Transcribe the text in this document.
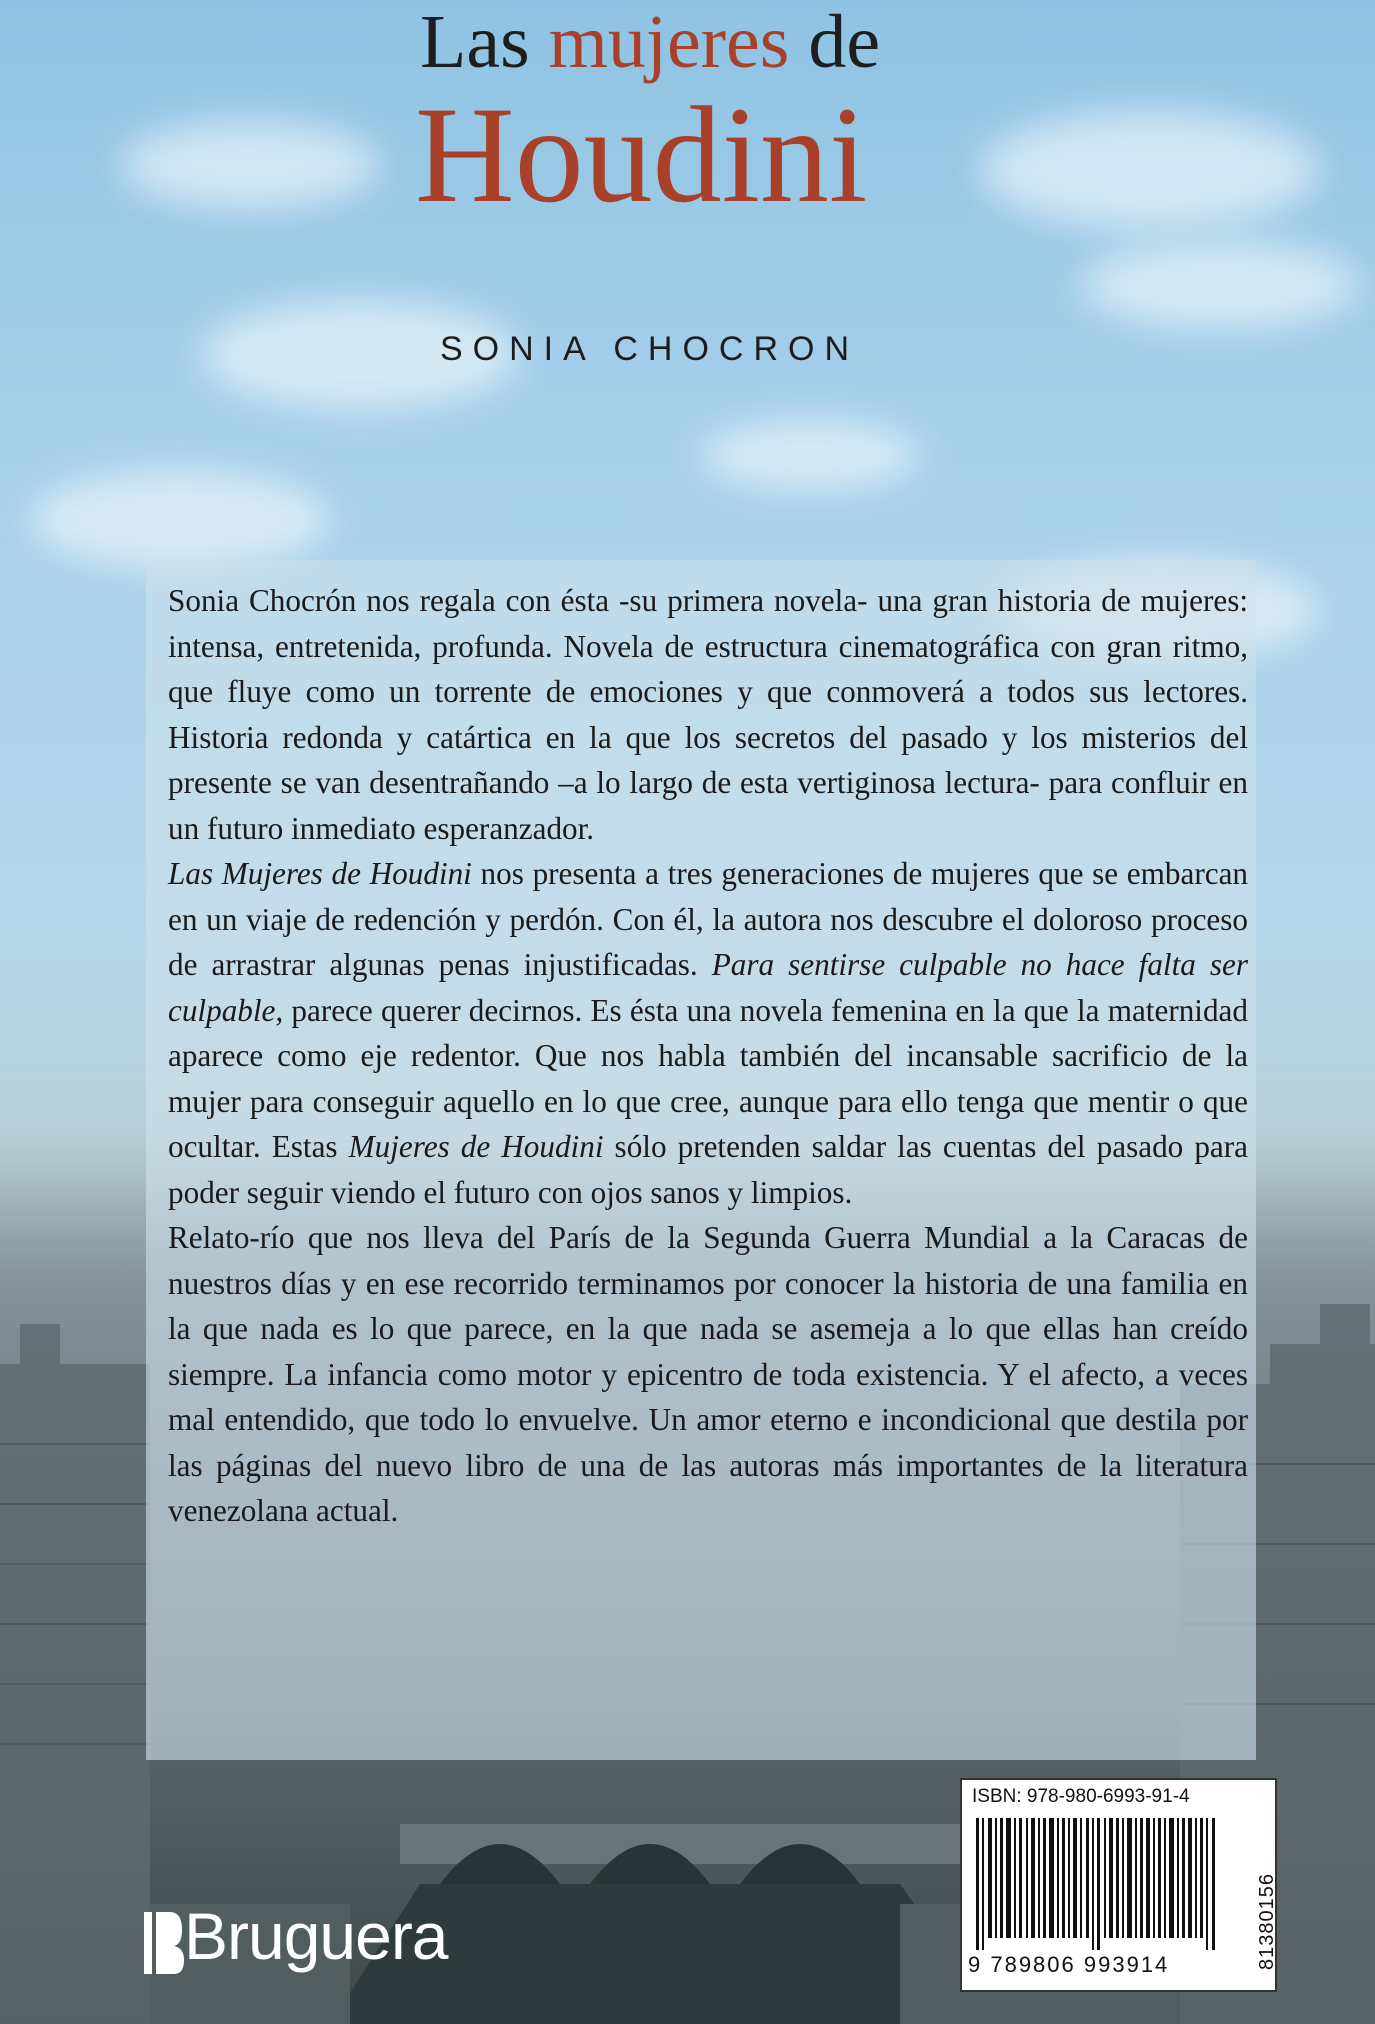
Las mujeres de
Houdini
SONIA CHOCRON

Sonia Chocrón nos regala con ésta -su primera novela- una gran historia de mujeres: intensa, entretenida, profunda. Novela de estructura cinematográfica con gran ritmo, que fluye como un torrente de emociones y que conmoverá a todos sus lectores. Historia redonda y catártica en la que los secretos del pasado y los misterios del presente se van desentrañando –a lo largo de esta vertiginosa lectura- para confluir en un futuro inmediato esperanzador.

Las Mujeres de Houdini nos presenta a tres generaciones de mujeres que se embarcan en un viaje de redención y perdón. Con él, la autora nos descubre el doloroso proceso de arrastrar algunas penas injustificadas. Para sentirse culpable no hace falta ser culpable, parece querer decirnos. Es ésta una novela femenina en la que la maternidad aparece como eje redentor. Que nos habla también del incansable sacrificio de la mujer para conseguir aquello en lo que cree, aunque para ello tenga que mentir o que ocultar. Estas Mujeres de Houdini sólo pretenden saldar las cuentas del pasado para poder seguir viendo el futuro con ojos sanos y limpios.

Relato-río que nos lleva del París de la Segunda Guerra Mundial a la Caracas de nuestros días y en ese recorrido terminamos por conocer la historia de una familia en la que nada es lo que parece, en la que nada se asemeja a lo que ellas han creído siempre. La infancia como motor y epicentro de toda existencia. Y el afecto, a veces mal entendido, que todo lo envuelve. Un amor eterno e incondicional que destila por las páginas del nuevo libro de una de las autoras más importantes de la literatura venezolana actual.

ISBN: 978-980-6993-91-4
9 789806 993914	81380156
Bruguera
